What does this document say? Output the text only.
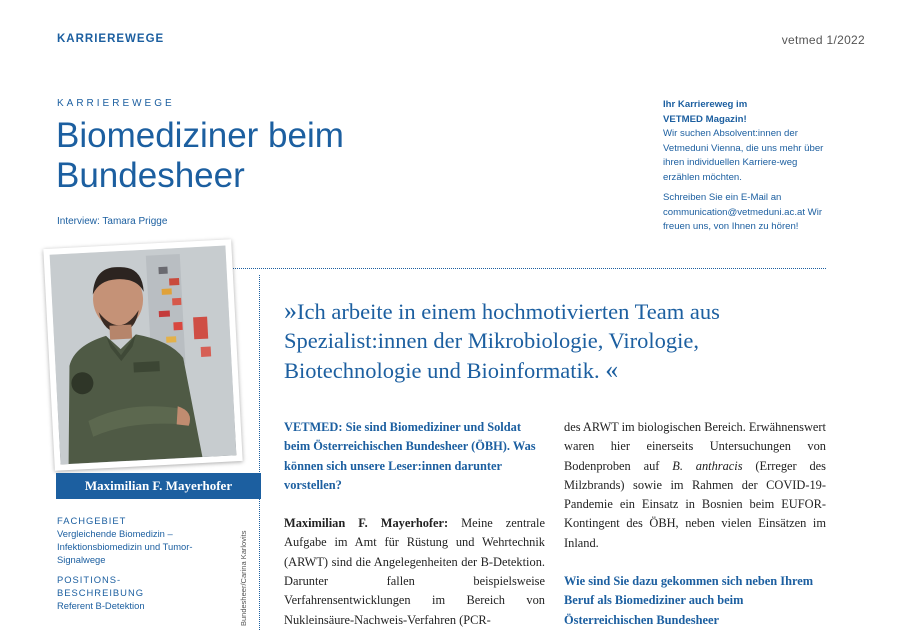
KARRIEREWEGE	vetmed 1/2022
KARRIEREWEGE
Biomediziner beim
Bundesheer
Interview: Tamara Prigge

Ihr Karriereweg im
VETMED Magazin!

Wir suchen Absolvent:innen der Vetmeduni Vienna, die uns mehr über ihren individuellen Karriere-weg erzählen möchten.

Schreiben Sie ein E-Mail an communication@vetmeduni.ac.at Wir freuen uns, von Ihnen zu hören!

Maximilian F. Mayerhofer
FACHGEBIET
Vergleichende Biomedizin – Infektionsbiomedizin und Tumor-Signalwege
POSITIONS-
BESCHREIBUNG
Referent B-Detektion	Bundesheer/Carina Karlovits
»Ich arbeite in einem hochmotivierten Team aus Spezialist:innen der Mikrobiologie, Virologie, Biotechnologie und Bioinformatik. «

VETMED: Sie sind Biomediziner und Soldat beim Österreichischen Bundesheer (ÖBH). Was können sich unsere Leser:innen darunter vorstellen?

Maximilian F. Mayerhofer: Meine zentrale Aufgabe im Amt für Rüstung und Wehrtechnik (ARWT) sind die Angelegenheiten der B-Detektion. Darunter fallen beispielsweise Verfahrensentwicklungen im Bereich von Nukleinsäure-Nachweis-Verfahren (PCR-

des ARWT im biologischen Bereich. Erwähnenswert waren hier einerseits Untersuchungen von Bodenproben auf B. anthracis (Erreger des Milzbrands) sowie im Rahmen der COVID-19-Pandemie ein Einsatz in Bosnien beim EUFOR-Kontingent des ÖBH, neben vielen Einsätzen im Inland.

Wie sind Sie dazu gekommen sich neben Ihrem Beruf als Biomediziner auch beim Österreichischen Bundesheer
